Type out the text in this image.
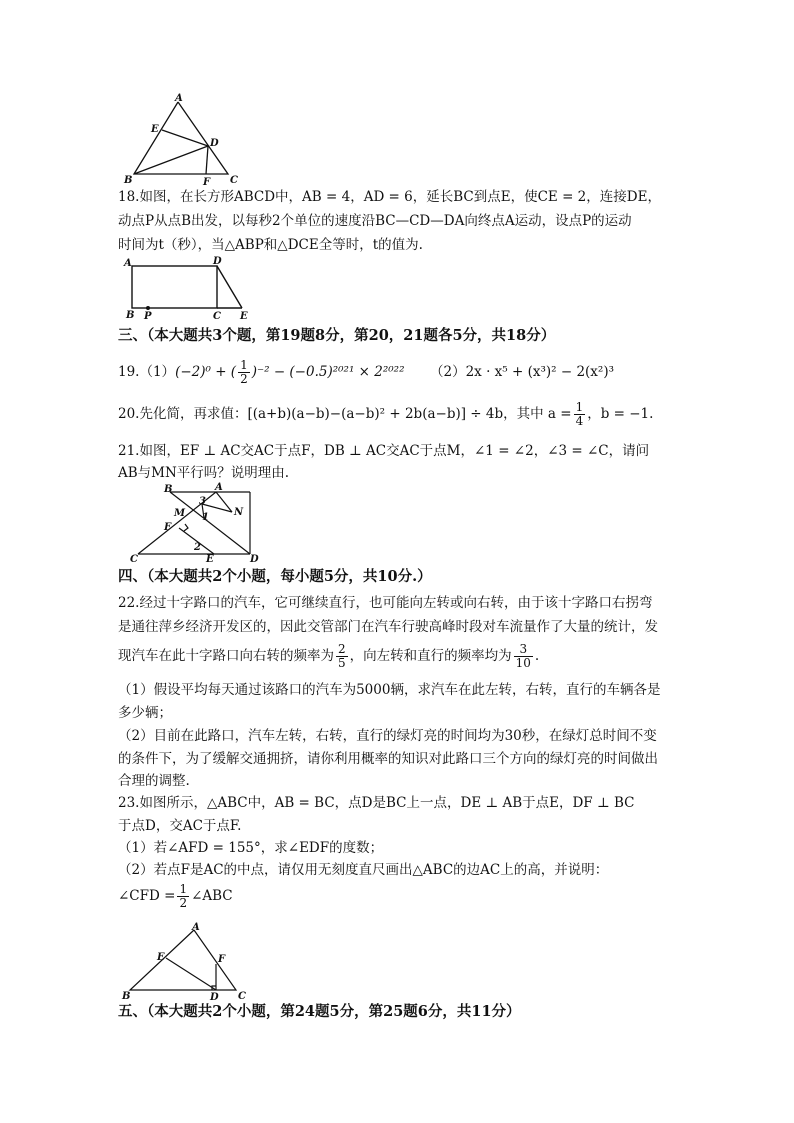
A
E
D
B	F C
18.如图，在长方形ABCD中，AB = 4，AD = 6，延长BC到点E，使CE = 2，连接DE，
动点P从点B出发，以每秒2个单位的速度沿BC—CD—DA向终点A运动，设点P的运动
时间为t（秒），当△ABP和△DCE全等时，t的值为.
A	D
B P	C E
三、（本大题共3个题，第19题8分，第20，21题各5分，共18分）
19.（1）(−2)⁰ + ( $\frac{1}{2} )^{-2} - (-0.5)^{2021} \times 2^{2022}$ （2）2x · x⁵ + (x³)² − 2(x²)³
20.先化简，再求值：[(a+b)(a−b)−(a−b)² + 2b(a−b)] ÷ 4b，其中 $a = \frac{1}{4}$ ，b = −1.
21.如图，EF ⊥ AC交AC于点F，DB ⊥ AC交AC于点M，∠1 = ∠2，∠3 = ∠C，请问
AB与MN平行吗？说明理由.
B	A
3
M 1	N
F
2
C	E	D
四、（本大题共2个小题，每小题5分，共10分.）
22.经过十字路口的汽车，它可继续直行，也可能向左转或向右转，由于该十字路口右拐弯
是通往萍乡经济开发区的，因此交管部门在汽车行驶高峰时段对车流量作了大量的统计，发
现汽车在此十字路口向右转的频率为 $\frac{2}{5}$ ，向左转和直行的频率均为 $\frac{3}{10}$ .
（1）假设平均每天通过该路口的汽车为5000辆，求汽车在此左转，右转，直行的车辆各是
多少辆；
（2）目前在此路口，汽车左转，右转，直行的绿灯亮的时间均为30秒，在绿灯总时间不变
的条件下，为了缓解交通拥挤，请你利用概率的知识对此路口三个方向的绿灯亮的时间做出
合理的调整.
23.如图所示，△ABC中，AB = BC，点D是BC上一点，DE ⊥ AB于点E，DF ⊥ BC
于点D，交AC于点F.
（1）若∠AFD = 155°，求∠EDF的度数；
（2）若点F是AC的中点，请仅用无刻度直尺画出△ABC的边AC上的高，并说明：
∠CFD = $\frac{1}{2}$ ∠ABC
A
E	F
B	D C
五、（本大题共2个小题，第24题5分，第25题6分，共11分）
